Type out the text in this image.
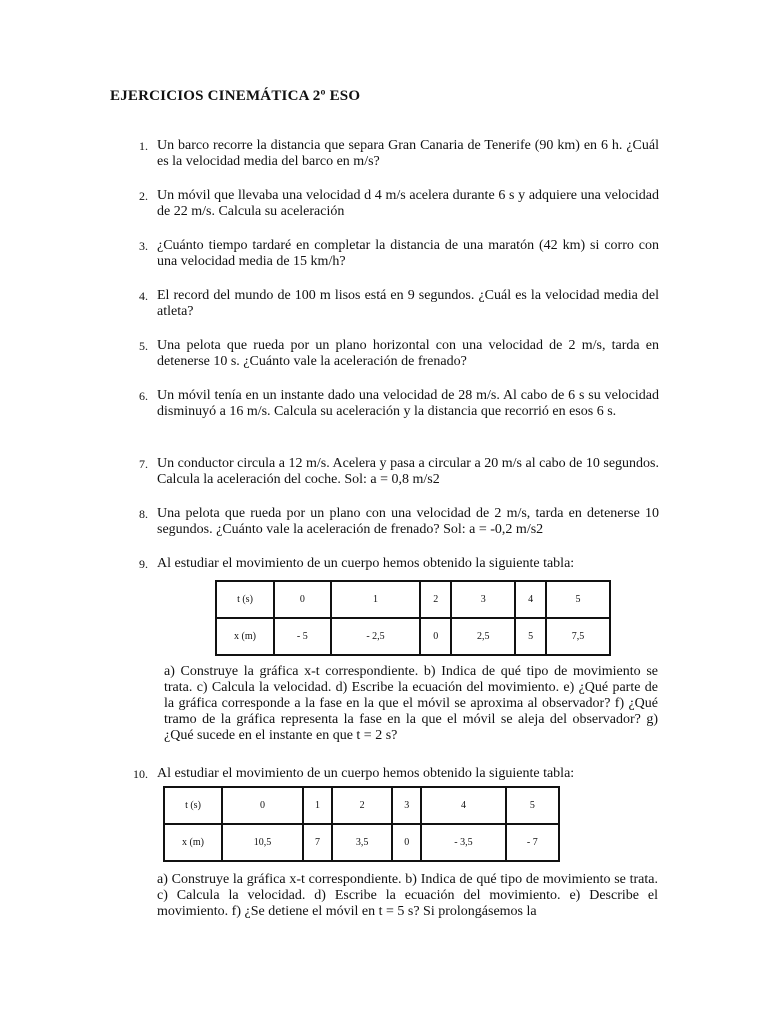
EJERCICIOS CINEMÁTICA 2º ESO
1. Un barco recorre la distancia que separa Gran Canaria de Tenerife (90 km) en 6 h. ¿Cuál es la velocidad media del barco en m/s?
2. Un móvil que llevaba una velocidad d 4 m/s acelera durante 6 s y adquiere una velocidad de 22 m/s. Calcula su aceleración
3. ¿Cuánto tiempo tardaré en completar la distancia de una maratón (42 km) si corro con una velocidad media de 15 km/h?
4. El record del mundo de 100 m lisos está en 9 segundos. ¿Cuál es la velocidad media del atleta?
5. Una pelota que rueda por un plano horizontal con una velocidad de 2 m/s, tarda en detenerse 10 s. ¿Cuánto vale la aceleración de frenado?
6. Un móvil tenía en un instante dado una velocidad de 28 m/s. Al cabo de 6 s su velocidad disminuyó a 16 m/s. Calcula su aceleración y la distancia que recorrió en esos 6 s.
7. Un conductor circula a 12 m/s. Acelera y pasa a circular a 20 m/s al cabo de 10 segundos. Calcula la aceleración del coche. Sol: a = 0,8 m/s2
8. Una pelota que rueda por un plano con una velocidad de 2 m/s, tarda en detenerse 10 segundos. ¿Cuánto vale la aceleración de frenado? Sol: a = -0,2 m/s2
9. Al estudiar el movimiento de un cuerpo hemos obtenido la siguiente tabla:
t (s)	0	1	2	3	4	5
x (m)	- 5	- 2,5	0	2,5	5	7,5
a) Construye la gráfica x-t correspondiente. b) Indica de qué tipo de movimiento se trata. c) Calcula la velocidad. d) Escribe la ecuación del movimiento. e) ¿Qué parte de la gráfica corresponde a la fase en la que el móvil se aproxima al observador? f) ¿Qué tramo de la gráfica representa la fase en la que el móvil se aleja del observador? g) ¿Qué sucede en el instante en que t = 2 s?
10. Al estudiar el movimiento de un cuerpo hemos obtenido la siguiente tabla:
t (s)	0	1	2	3	4	5
x (m)	10,5	7	3,5	0	- 3,5	- 7
a) Construye la gráfica x-t correspondiente. b) Indica de qué tipo de movimiento se trata. c) Calcula la velocidad. d) Escribe la ecuación del movimiento. e) Describe el movimiento. f) ¿Se detiene el móvil en t = 5 s? Si prolongásemos la
